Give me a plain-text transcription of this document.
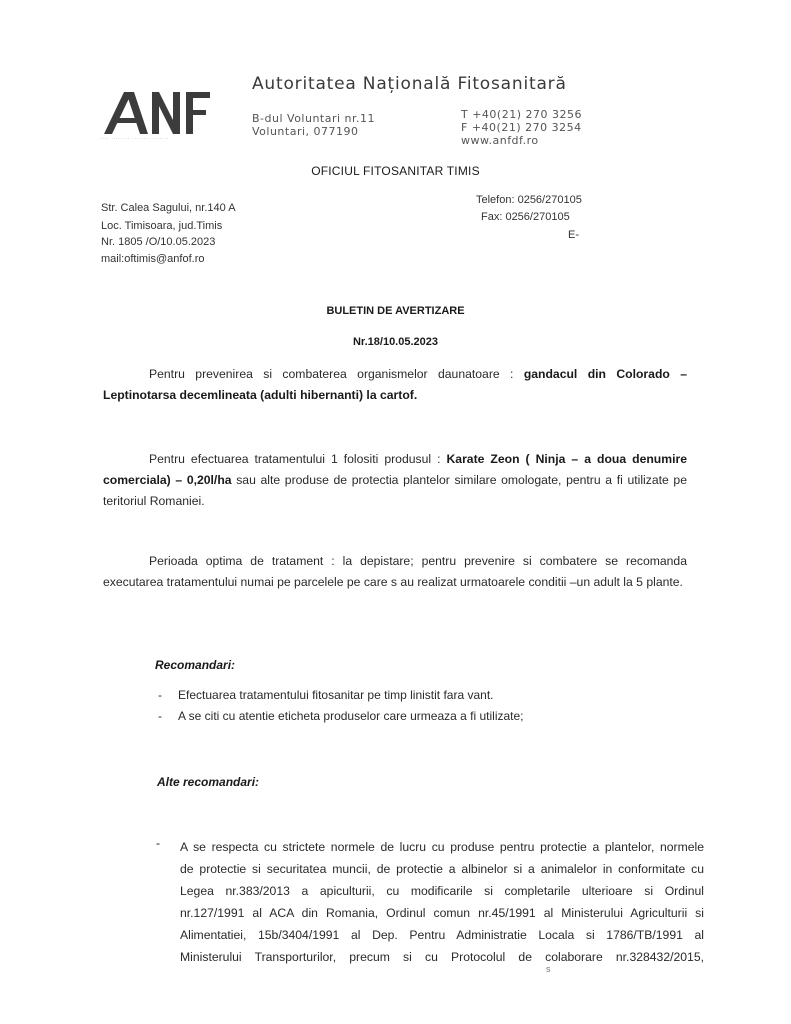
ANF
···· ········ ········ ·······
Autoritatea Națională Fitosanitară
B-dul Voluntari nr.11
Voluntari, 077190
T +40(21) 270 3256
F +40(21) 270 3254
www.anfdf.ro
OFICIUL FITOSANITAR TIMIS
Str. Calea Sagului, nr.140 A
Loc. Timisoara, jud.Timis
Nr. 1805 /O/10.05.2023
mail:oftimis@anfof.ro
Telefon: 0256/270105
Fax: 0256/270105
E-
BULETIN DE AVERTIZARE
Nr.18/10.05.2023
Pentru prevenirea si combaterea organismelor daunatoare : gandacul din Colorado – Leptinotarsa decemlineata (adulti hibernanti) la cartof.
Pentru efectuarea tratamentului 1 folositi produsul : Karate Zeon ( Ninja – a doua denumire comerciala) – 0,20l/ha sau alte produse de protectia plantelor similare omologate, pentru a fi utilizate pe teritoriul Romaniei.
Perioada optima de tratament : la depistare; pentru prevenire si combatere se recomanda executarea tratamentului numai pe parcelele pe care s au realizat urmatoarele conditii –un adult la 5 plante.
Recomandari:
- Efectuarea tratamentului fitosanitar pe timp linistit fara vant.
- A se citi cu atentie eticheta produselor care urmeaza a fi utilizate;
Alte recomandari:
- A se respecta cu strictete normele de lucru cu produse pentru protectie a plantelor, normele
de protectie si securitatea muncii, de protectie a albinelor si a animalelor in conformitate cu
Legea nr.383/2013 a apiculturii, cu modificarile si completarile ulterioare si Ordinul
nr.127/1991 al ACA din Romania, Ordinul comun nr.45/1991 al Ministerului Agriculturii si
Alimentatiei, 15b/3404/1991 al Dep. Pentru Administratie Locala si 1786/TB/1991 al
Ministerului Transporturilor, precum si cu Protocolul de colaborare nr.328432/2015,
s
